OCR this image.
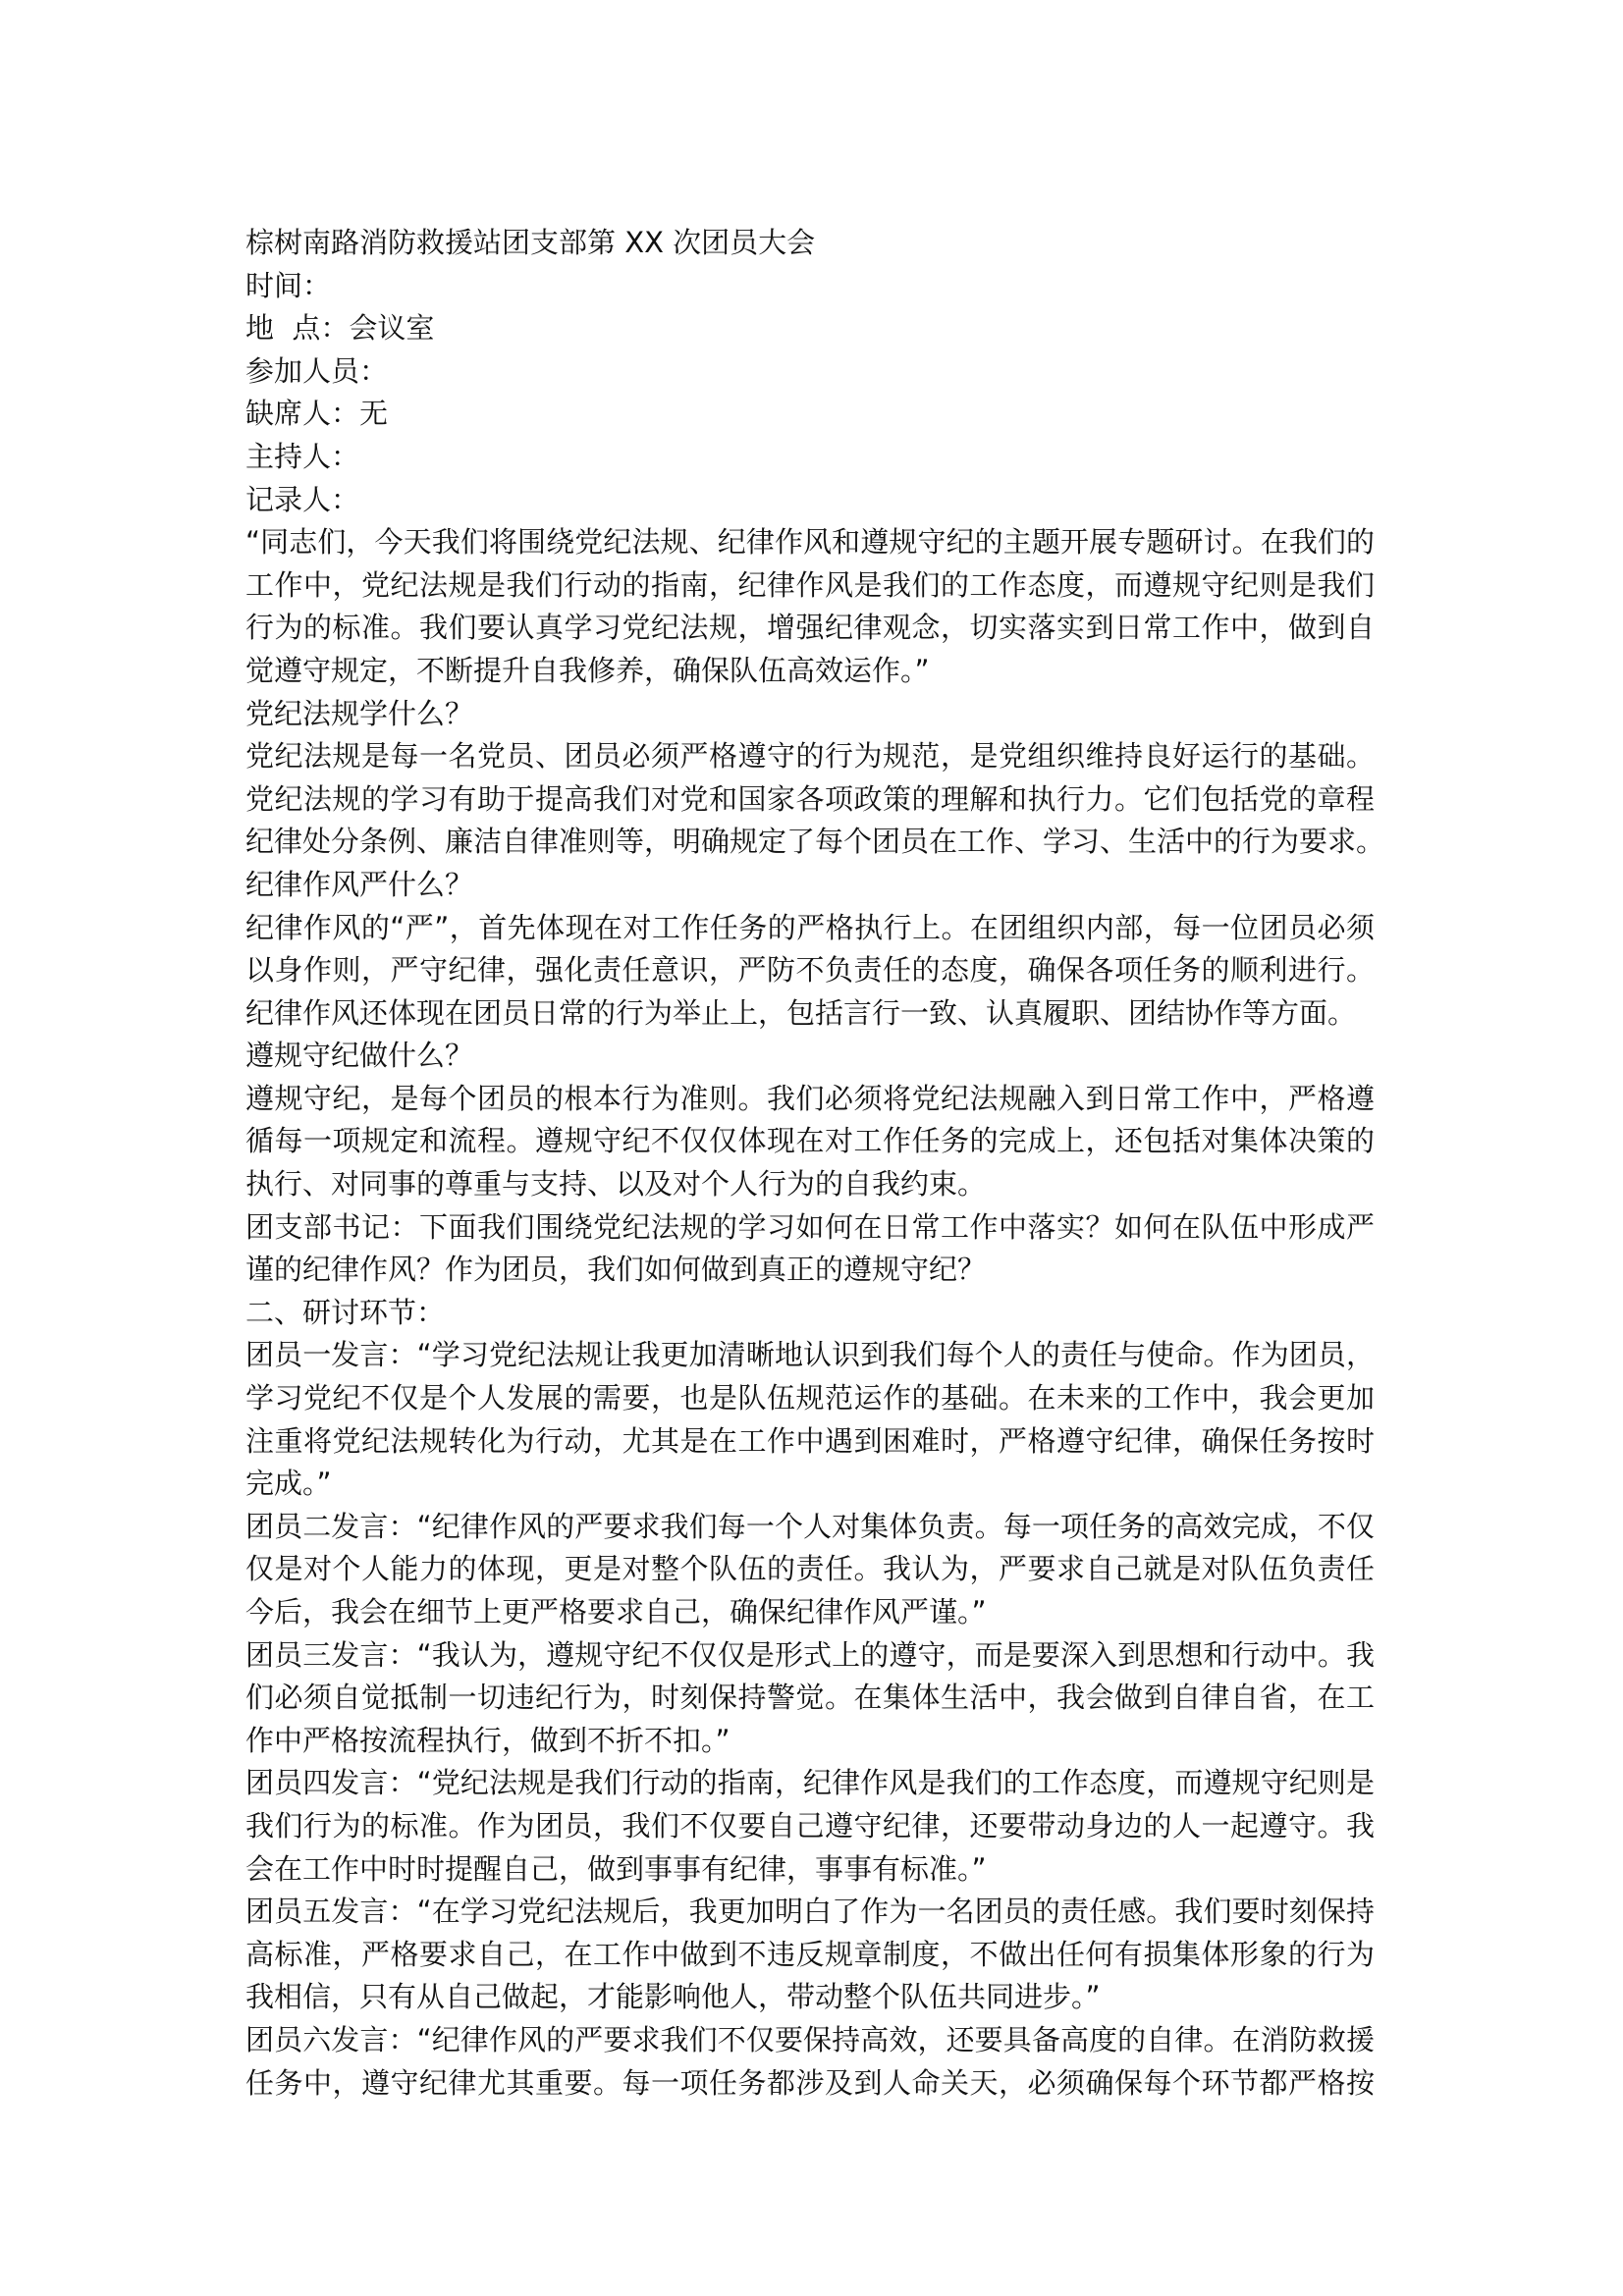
棕树南路消防救援站团支部第 XX 次团员大会
时间：
地  点：会议室
参加人员：
缺席人：无
主持人：
记录人：
“同志们，今天我们将围绕党纪法规、纪律作风和遵规守纪的主题开展专题研讨。在我们的
工作中，党纪法规是我们行动的指南，纪律作风是我们的工作态度，而遵规守纪则是我们
行为的标准。我们要认真学习党纪法规，增强纪律观念，切实落实到日常工作中，做到自
觉遵守规定，不断提升自我修养，确保队伍高效运作。”
党纪法规学什么？
党纪法规是每一名党员、团员必须严格遵守的行为规范，是党组织维持良好运行的基础。
党纪法规的学习有助于提高我们对党和国家各项政策的理解和执行力。它们包括党的章程
纪律处分条例、廉洁自律准则等，明确规定了每个团员在工作、学习、生活中的行为要求。
纪律作风严什么？
纪律作风的“严”，首先体现在对工作任务的严格执行上。在团组织内部，每一位团员必须
以身作则，严守纪律，强化责任意识，严防不负责任的态度，确保各项任务的顺利进行。
纪律作风还体现在团员日常的行为举止上，包括言行一致、认真履职、团结协作等方面。
遵规守纪做什么？
遵规守纪，是每个团员的根本行为准则。我们必须将党纪法规融入到日常工作中，严格遵
循每一项规定和流程。遵规守纪不仅仅体现在对工作任务的完成上，还包括对集体决策的
执行、对同事的尊重与支持、以及对个人行为的自我约束。
团支部书记：下面我们围绕党纪法规的学习如何在日常工作中落实？如何在队伍中形成严
谨的纪律作风？作为团员，我们如何做到真正的遵规守纪？
二、研讨环节：
团员一发言：“学习党纪法规让我更加清晰地认识到我们每个人的责任与使命。作为团员，
学习党纪不仅是个人发展的需要，也是队伍规范运作的基础。在未来的工作中，我会更加
注重将党纪法规转化为行动，尤其是在工作中遇到困难时，严格遵守纪律，确保任务按时
完成。”
团员二发言：“纪律作风的严要求我们每一个人对集体负责。每一项任务的高效完成，不仅
仅是对个人能力的体现，更是对整个队伍的责任。我认为，严要求自己就是对队伍负责任
今后，我会在细节上更严格要求自己，确保纪律作风严谨。”
团员三发言：“我认为，遵规守纪不仅仅是形式上的遵守，而是要深入到思想和行动中。我
们必须自觉抵制一切违纪行为，时刻保持警觉。在集体生活中，我会做到自律自省，在工
作中严格按流程执行，做到不折不扣。”
团员四发言：“党纪法规是我们行动的指南，纪律作风是我们的工作态度，而遵规守纪则是
我们行为的标准。作为团员，我们不仅要自己遵守纪律，还要带动身边的人一起遵守。我
会在工作中时时提醒自己，做到事事有纪律，事事有标准。”
团员五发言：“在学习党纪法规后，我更加明白了作为一名团员的责任感。我们要时刻保持
高标准，严格要求自己，在工作中做到不违反规章制度，不做出任何有损集体形象的行为
我相信，只有从自己做起，才能影响他人，带动整个队伍共同进步。”
团员六发言：“纪律作风的严要求我们不仅要保持高效，还要具备高度的自律。在消防救援
任务中，遵守纪律尤其重要。每一项任务都涉及到人命关天，必须确保每个环节都严格按
